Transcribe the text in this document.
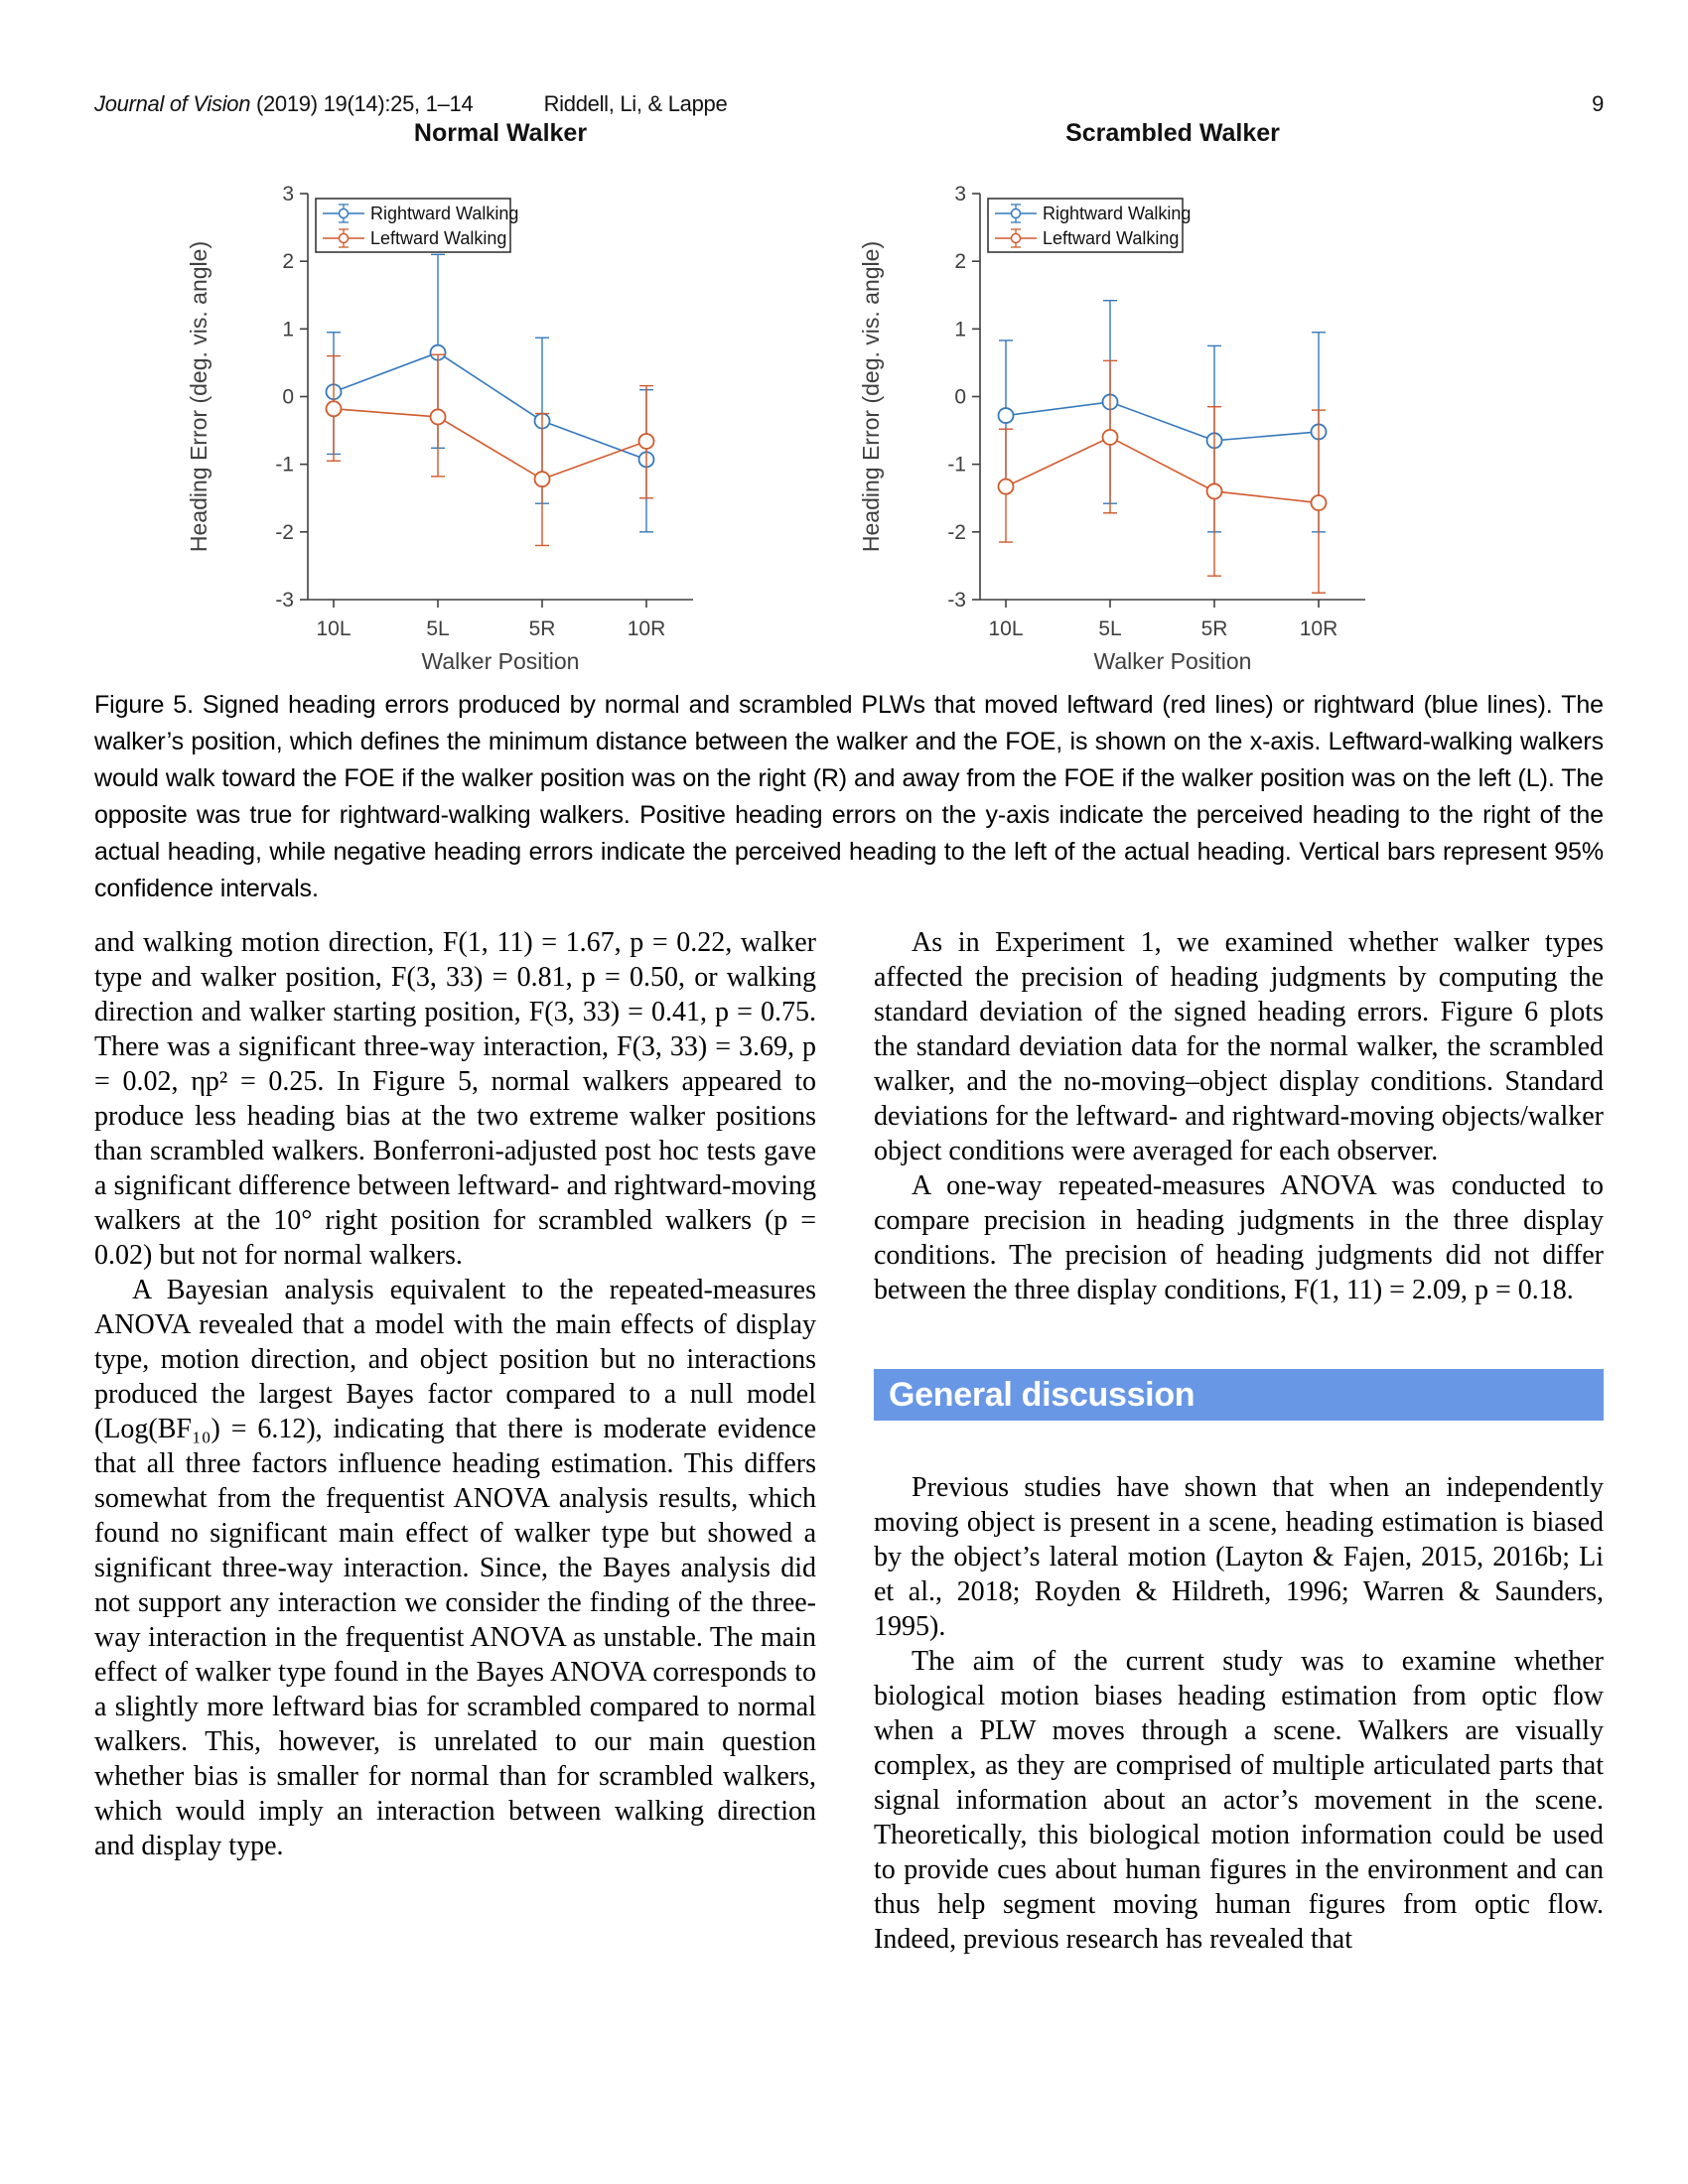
Journal of Vision (2019) 19(14):25, 1–14	Riddell, Li, & Lappe	9
Normal Walker
3
2
1
0
-1
-2
-3
10L	5L	5R	10R
Walker Position
Heading Error (deg. vis. angle)
Rightward Walking
Leftward Walking
Scrambled Walker
3
2
1
0
-1
-2
-3
10L	5L	5R	10R
Walker Position
Heading Error (deg. vis. angle)
Rightward Walking
Leftward Walking
Figure 5. Signed heading errors produced by normal and scrambled PLWs that moved leftward (red lines) or rightward (blue lines). The walker’s position, which defines the minimum distance between the walker and the FOE, is shown on the x-axis. Leftward-walking walkers would walk toward the FOE if the walker position was on the right (R) and away from the FOE if the walker position was on the left (L). The opposite was true for rightward-walking walkers. Positive heading errors on the y-axis indicate the perceived heading to the right of the actual heading, while negative heading errors indicate the perceived heading to the left of the actual heading. Vertical bars represent 95% confidence intervals.

and walking motion direction, F(1, 11) = 1.67, p = 0.22, walker type and walker position, F(3, 33) = 0.81, p = 0.50, or walking direction and walker starting position, F(3, 33) = 0.41, p = 0.75. There was a significant three-way interaction, F(3, 33) = 3.69, p = 0.02, ηp² = 0.25. In Figure 5, normal walkers appeared to produce less heading bias at the two extreme walker positions than scrambled walkers. Bonferroni-adjusted post hoc tests gave a significant difference between leftward- and rightward-moving walkers at the 10° right position for scrambled walkers (p = 0.02) but not for normal walkers.

A Bayesian analysis equivalent to the repeated-measures ANOVA revealed that a model with the main effects of display type, motion direction, and object position but no interactions produced the largest Bayes factor compared to a null model (Log(BF₁₀) = 6.12), indicating that there is moderate evidence that all three factors influence heading estimation. This differs somewhat from the frequentist ANOVA analysis results, which found no significant main effect of walker type but showed a significant three-way interaction. Since, the Bayes analysis did not support any interaction we consider the finding of the three-way interaction in the frequentist ANOVA as unstable. The main effect of walker type found in the Bayes ANOVA corresponds to a slightly more leftward bias for scrambled compared to normal walkers. This, however, is unrelated to our main question whether bias is smaller for normal than for scrambled walkers, which would imply an interaction between walking direction and display type.

As in Experiment 1, we examined whether walker types affected the precision of heading judgments by computing the standard deviation of the signed heading errors. Figure 6 plots the standard deviation data for the normal walker, the scrambled walker, and the no-moving–object display conditions. Standard deviations for the leftward- and rightward-moving objects/walker object conditions were averaged for each observer.

A one-way repeated-measures ANOVA was conducted to compare precision in heading judgments in the three display conditions. The precision of heading judgments did not differ between the three display conditions, F(1, 11) = 2.09, p = 0.18.

General discussion

Previous studies have shown that when an independently moving object is present in a scene, heading estimation is biased by the object’s lateral motion (Layton & Fajen, 2015, 2016b; Li et al., 2018; Royden & Hildreth, 1996; Warren & Saunders, 1995).

The aim of the current study was to examine whether biological motion biases heading estimation from optic flow when a PLW moves through a scene. Walkers are visually complex, as they are comprised of multiple articulated parts that signal information about an actor’s movement in the scene. Theoretically, this biological motion information could be used to provide cues about human figures in the environment and can thus help segment moving human figures from optic flow. Indeed, previous research has revealed that
